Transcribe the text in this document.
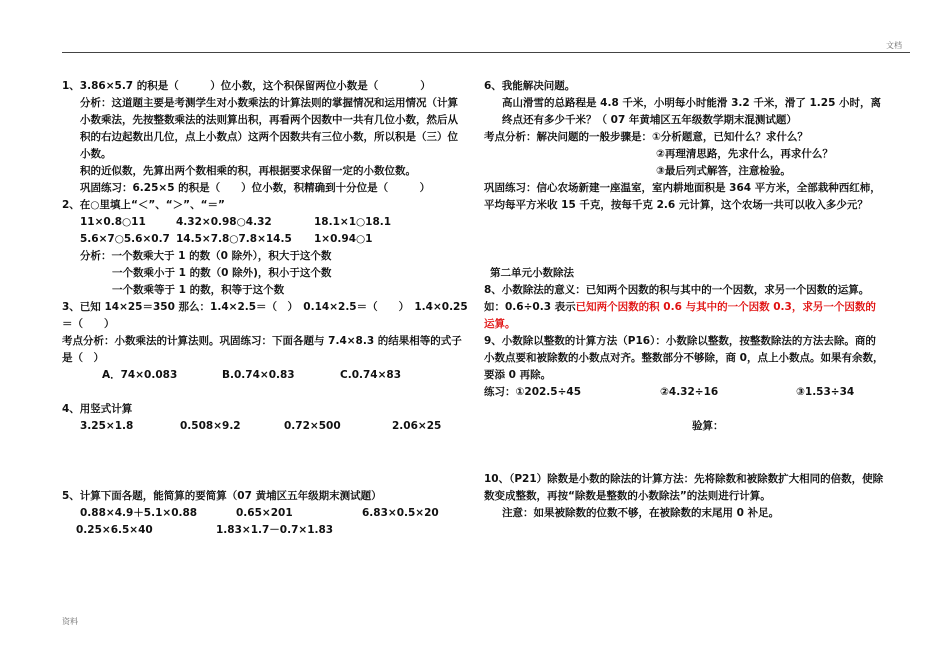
文档
资料

1、3.86×5.7 的积是（　　　）位小数，这个积保留两位小数是（　　　　）

分析：这道题主要是考测学生对小数乘法的计算法则的掌握情况和运用情况（计算小数乘法，先按整数乘法的法则算出积，再看两个因数中一共有几位小数，然后从积的右边起数出几位，点上小数点）这两个因数共有三位小数，所以积是（三）位小数。

积的近似数，先算出两个数相乘的积，再根据要求保留一定的小数位数。

巩固练习：6.25×5 的积是（　　）位小数，积精确到十分位是（　　　）

2、在○里填上“＜”、“＞”、“＝”

11×0.8○11	4.32×0.98○4.32	18.1×1○18.1
5.6×7○5.6×0.7 14.5×7.8○7.8×14.5	1×0.94○1

分析：一个数乘大于 1 的数（0 除外），积大于这个数

一个数乘小于 1 的数（0 除外)，积小于这个数

一个数乘等于 1 的数，积等于这个数

3、已知 14×25＝350 那么：1.4×2.5＝（　）　0.14×2.5＝（　　）　1.4×0.25＝（　　）

考点分析：小数乘法的计算法则。巩固练习：下面各题与 7.4×8.3 的结果相等的式子是（　）

A．74×0.083	B.0.74×0.83	C.0.74×83

4、用竖式计算

3.25×1.8	0.508×9.2	0.72×500	2.06×25

5、计算下面各题，能简算的要简算（07 黄埔区五年级期末测试题）

0.88×4.9＋5.1×0.88	0.65×201	6.83×0.5×20
0.25×6.5×40	1.83×1.7－0.7×1.83

6、我能解决问题。

高山滑雪的总路程是 4.8 千米，小明每小时能滑 3.2 千米，滑了 1.25 小时，离终点还有多少千米？（ 07 年黄埔区五年级数学期末混测试题）

考点分析：解决问题的一般步骤是：①分析题意，已知什么？求什么？

②再理清思路，先求什么，再求什么？

③最后列式解答，注意检验。

巩固练习：信心农场新建一座温室，室内耕地面积是 364 平方米，全部栽种西红柿，平均每平方米收 15 千克，按每千克 2.6 元计算，这个农场一共可以收入多少元？

第二单元小数除法

8、小数除法的意义：已知两个因数的积与其中的一个因数，求另一个因数的运算。

如：0.6÷0.3 表示已知两个因数的积 0.6 与其中的一个因数 0.3，求另一个因数的运算。

9、小数除以整数的计算方法（P16）：小数除以整数，按整数除法的方法去除。商的小数点要和被除数的小数点对齐。整数部分不够除，商 0，点上小数点。如果有余数，要添 0 再除。

练习：①202.5÷45	②4.32÷16	③1.53÷34

验算：

10、（P21）除数是小数的除法的计算方法：先将除数和被除数扩大相同的倍数，使除数变成整数，再按“除数是整数的小数除法”的法则进行计算。

注意：如果被除数的位数不够，在被除数的末尾用 0 补足。
